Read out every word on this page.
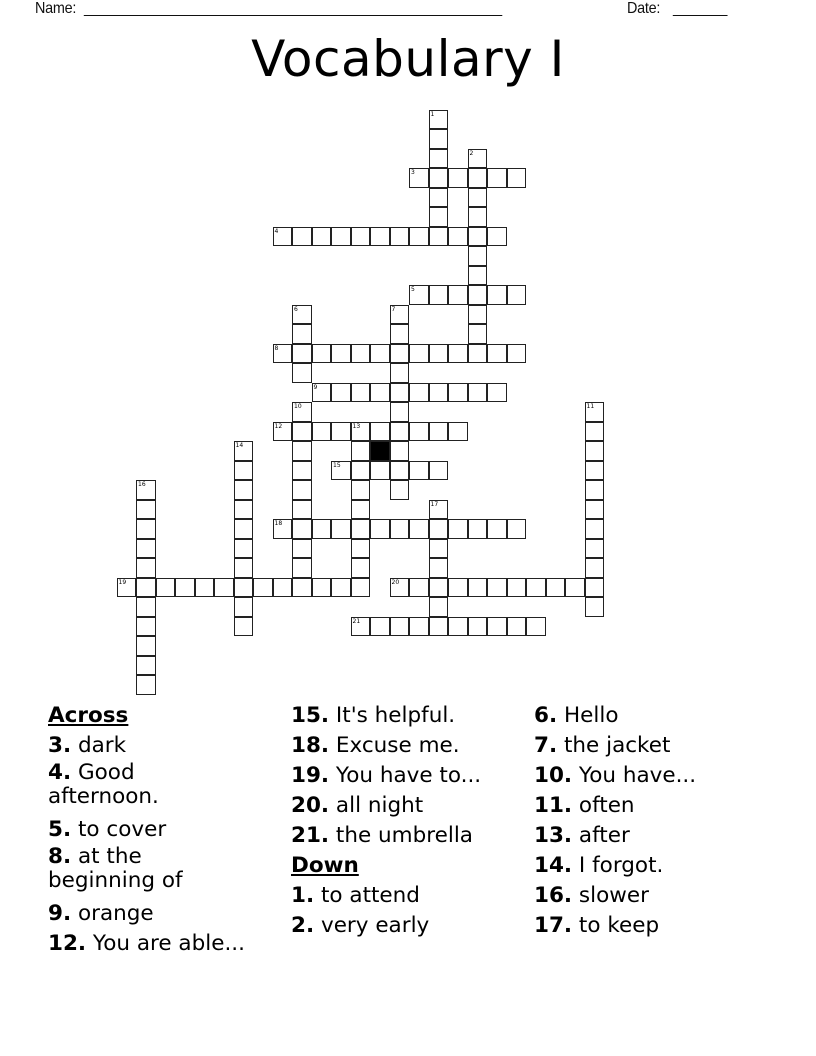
Name: ______________________________________________________	Date: _______
Vocabulary I
1
2
3
4
5
6	7
8
9
10	11
12	13
14
15
16
17
18
19	20
21
Across
3. dark
4. Good afternoon.
5. to cover
8. at the beginning of
9. orange
12. You are able...
15. It's helpful.
18. Excuse me.
19. You have to...
20. all night
21. the umbrella
Down
1. to attend
2. very early
6. Hello
7. the jacket
10. You have...
11. often
13. after
14. I forgot.
16. slower
17. to keep
